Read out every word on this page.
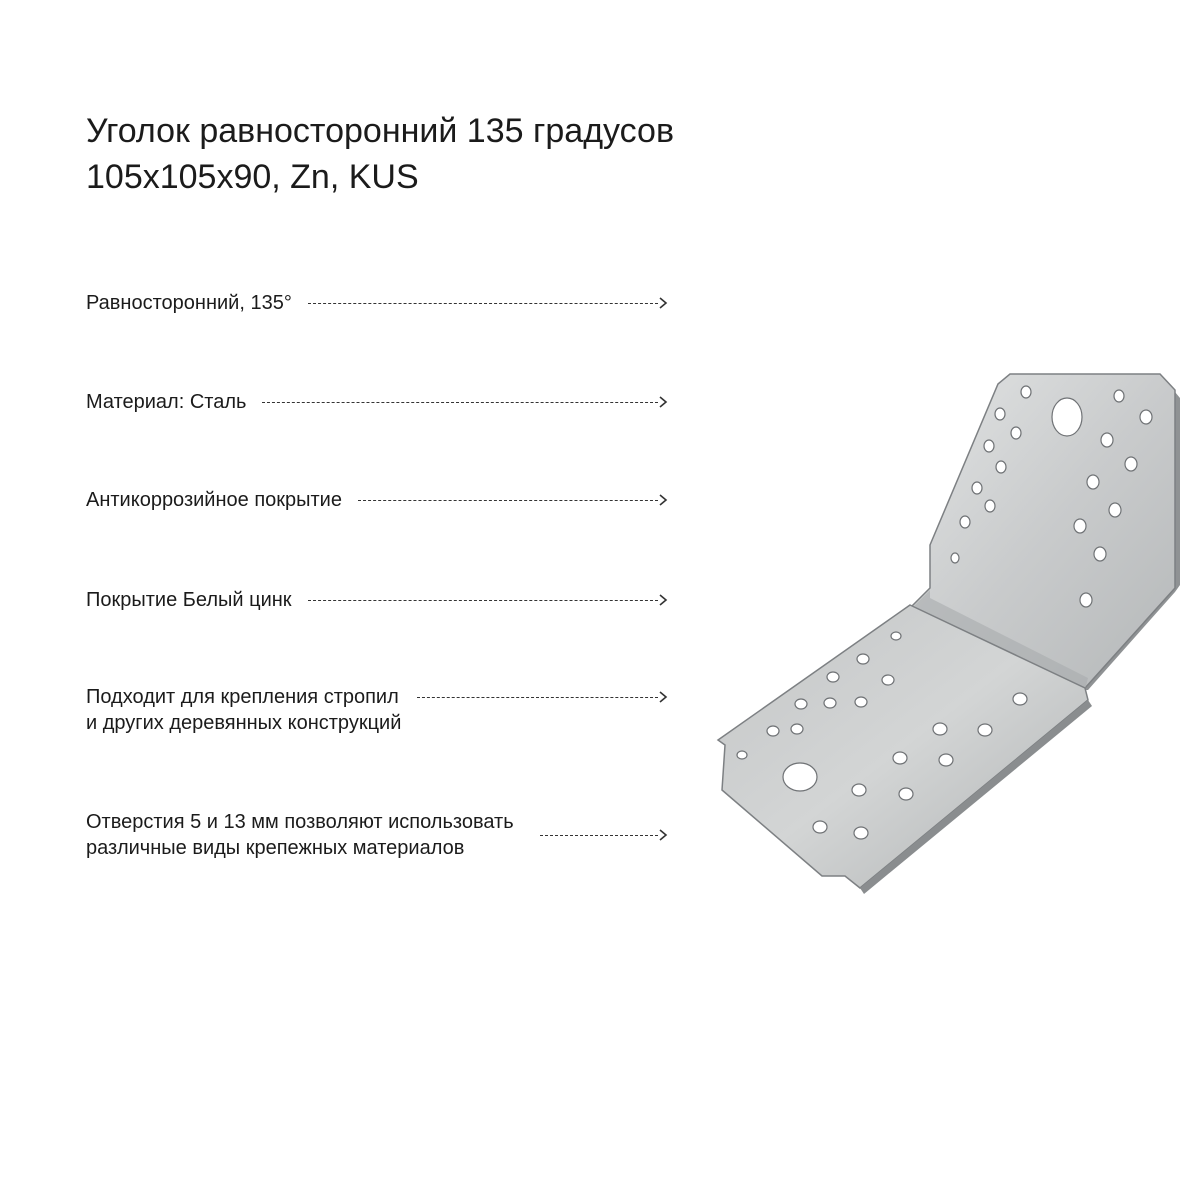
Уголок равносторонний 135 градусов
105х105х90, Zn, KUS
Равносторонний, 135°
Материал: Сталь
Антикоррозийное покрытие
Покрытие Белый цинк
Подходит для крепления стропил
и других деревянных конструкций
Отверстия 5 и 13 мм позволяют использовать
различные виды крепежных материалов
